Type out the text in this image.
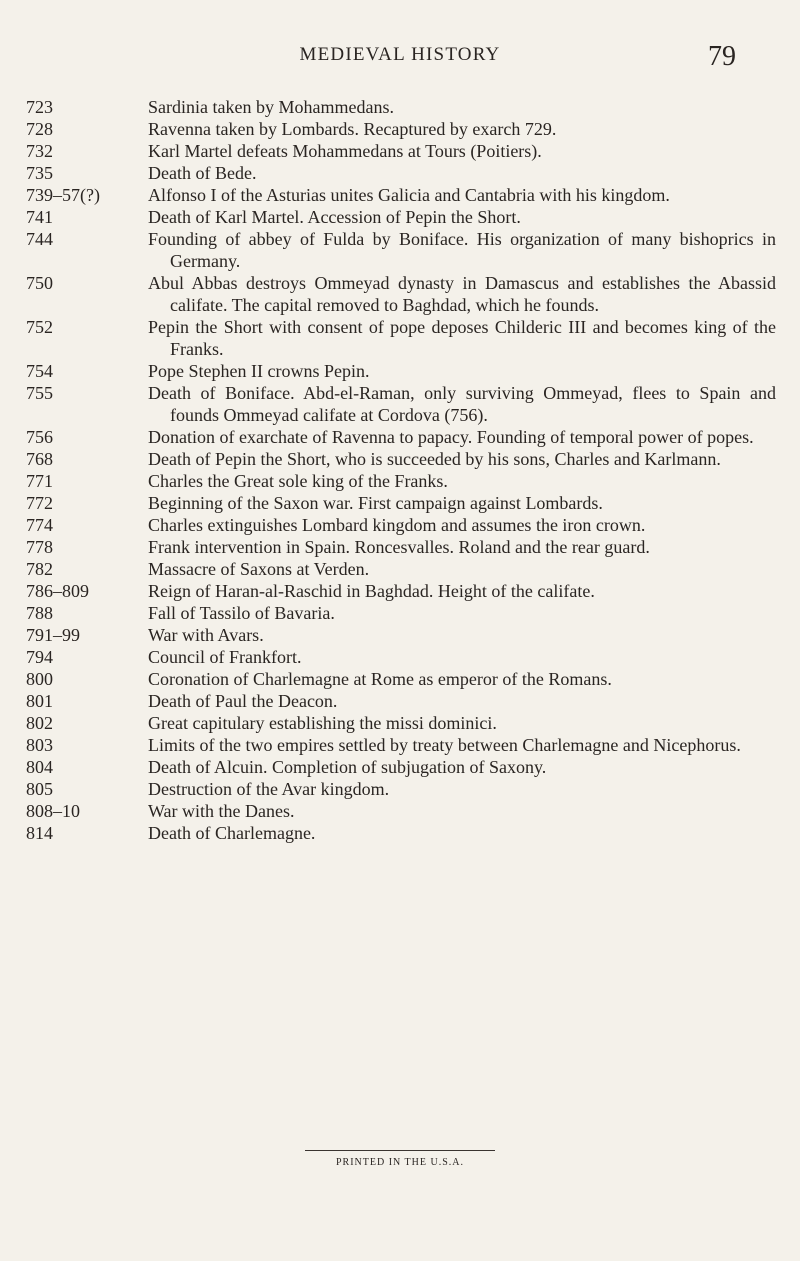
MEDIEVAL HISTORY	79
723	Sardinia taken by Mohammedans.
728	Ravenna taken by Lombards. Recaptured by exarch 729.
732	Karl Martel defeats Mohammedans at Tours (Poitiers).
735	Death of Bede.
739–57(?)	Alfonso I of the Asturias unites Galicia and Cantabria with his kingdom.
741	Death of Karl Martel. Accession of Pepin the Short.
744	Founding of abbey of Fulda by Boniface. His organization of many bishoprics in Germany.
750	Abul Abbas destroys Ommeyad dynasty in Damascus and establishes the Abassid califate. The capital removed to Baghdad, which he founds.
752	Pepin the Short with consent of pope deposes Childeric III and becomes king of the Franks.
754	Pope Stephen II crowns Pepin.
755	Death of Boniface. Abd-el-Raman, only surviving Ommeyad, flees to Spain and founds Ommeyad califate at Cordova (756).
756	Donation of exarchate of Ravenna to papacy. Founding of temporal power of popes.
768	Death of Pepin the Short, who is succeeded by his sons, Charles and Karlmann.
771	Charles the Great sole king of the Franks.
772	Beginning of the Saxon war. First campaign against Lombards.
774	Charles extinguishes Lombard kingdom and assumes the iron crown.
778	Frank intervention in Spain. Roncesvalles. Roland and the rear guard.
782	Massacre of Saxons at Verden.
786–809	Reign of Haran-al-Raschid in Baghdad. Height of the califate.
788	Fall of Tassilo of Bavaria.
791–99	War with Avars.
794	Council of Frankfort.
800	Coronation of Charlemagne at Rome as emperor of the Romans.
801	Death of Paul the Deacon.
802	Great capitulary establishing the missi dominici.
803	Limits of the two empires settled by treaty between Charlemagne and Nicephorus.
804	Death of Alcuin. Completion of subjugation of Saxony.
805	Destruction of the Avar kingdom.
808–10	War with the Danes.
814	Death of Charlemagne.
PRINTED IN THE U.S.A.
